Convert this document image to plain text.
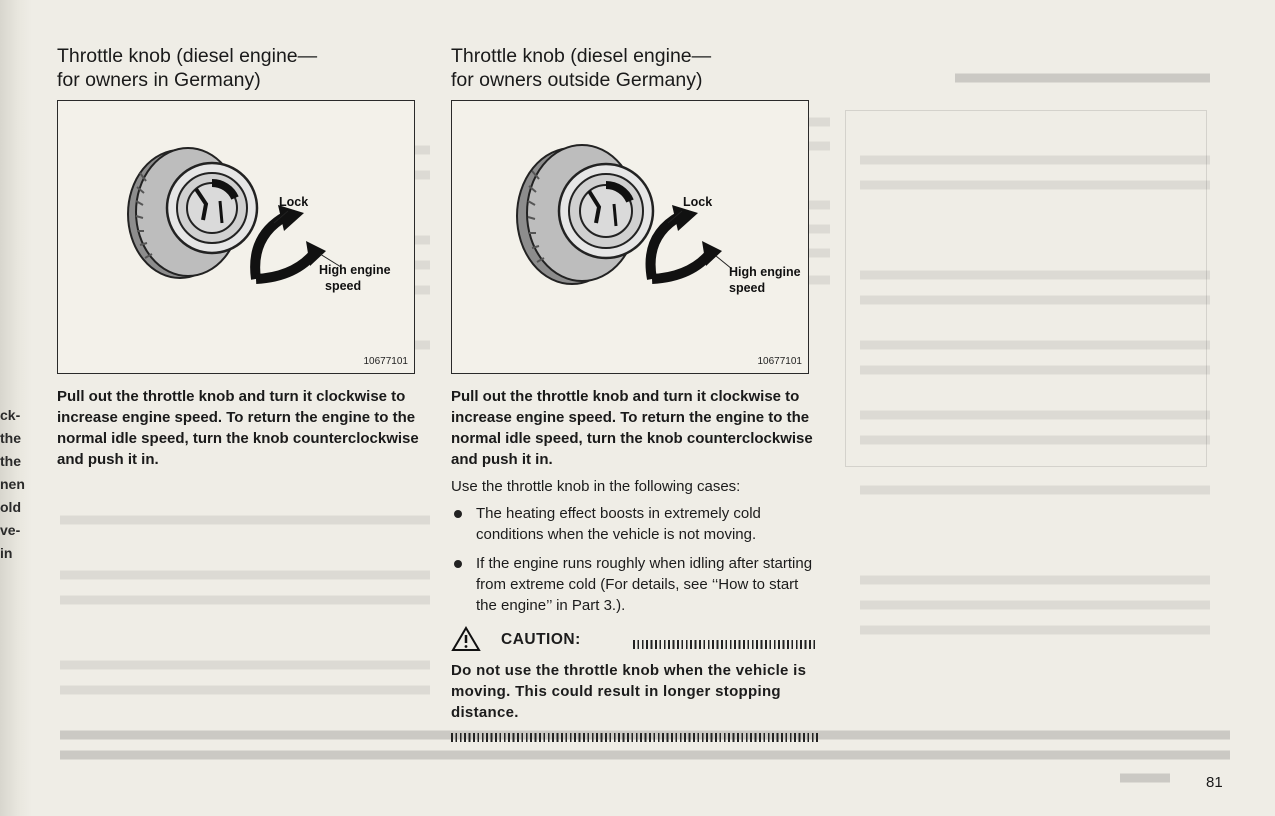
ck-
the
the
nen
old
ve-
in
Throttle knob (diesel engine—
for owners in Germany)
Lock
High engine
speed
10677101

Pull out the throttle knob and turn it clockwise to increase engine speed. To return the engine to the normal idle speed, turn the knob counterclockwise and push it in.

Throttle knob (diesel engine—
for owners outside Germany)
Lock
High engine
speed
10677101

Pull out the throttle knob and turn it clockwise to increase engine speed. To return the engine to the normal idle speed, turn the knob counterclockwise and push it in.

Use the throttle knob in the following cases:

The heating effect boosts in extremely cold conditions when the vehicle is not moving.
If the engine runs roughly when idling after starting from extreme cold (For details, see ‘‘How to start the engine’’ in Part 3.).
CAUTION:

Do not use the throttle knob when the vehicle is moving. This could result in longer stopping distance.

81
